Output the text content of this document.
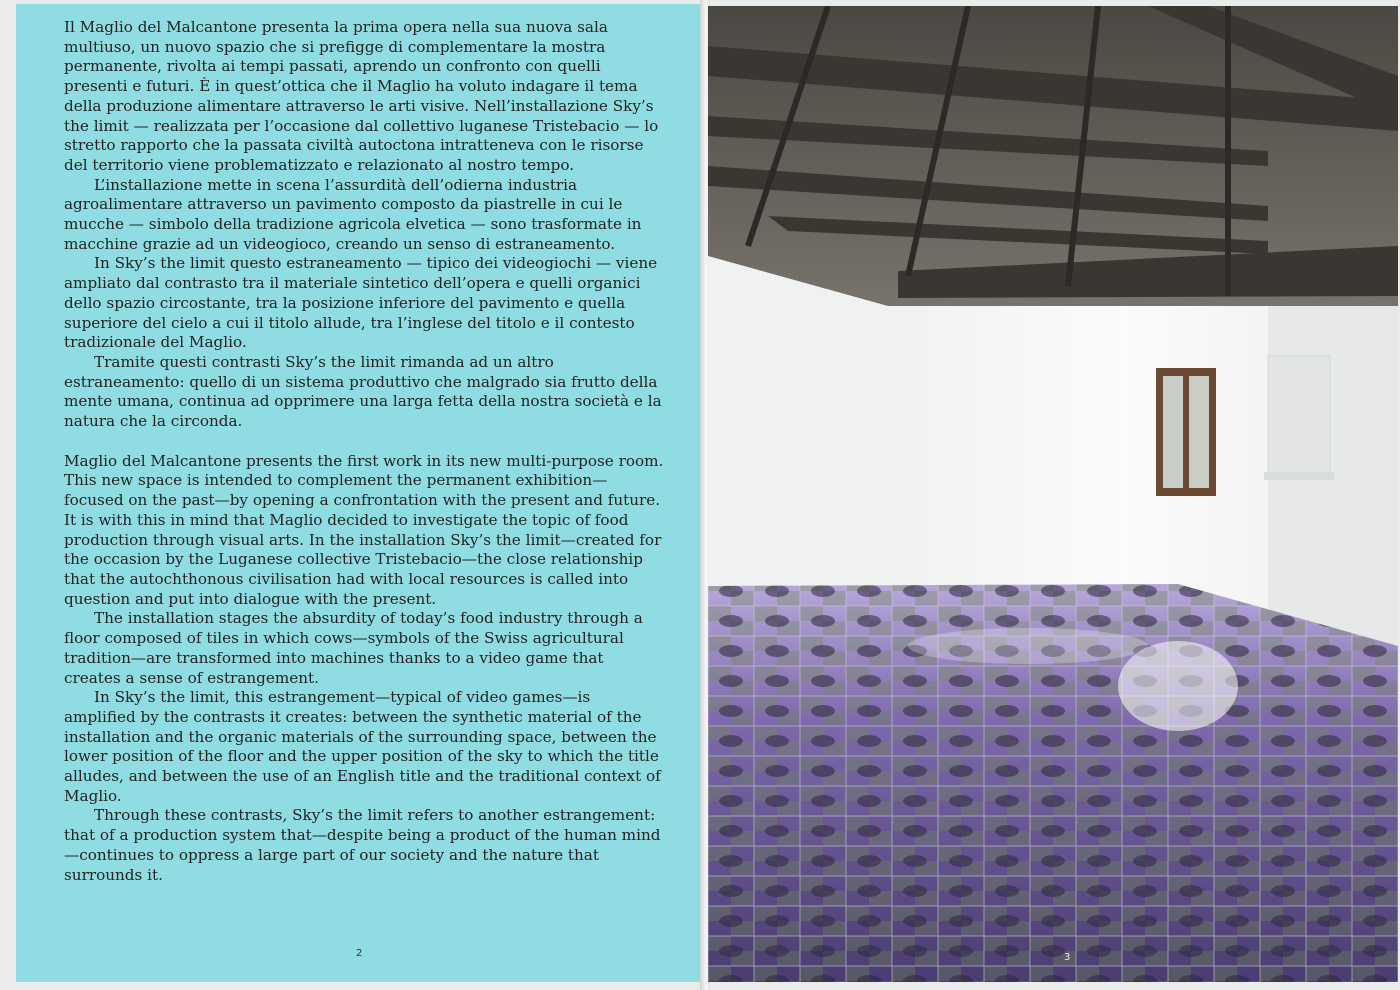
Il Maglio del Malcantone presenta la prima opera nella sua nuova sala multiuso, un nuovo spazio che si prefigge di complementare la mostra permanente, rivolta ai tempi passati, aprendo un confronto con quelli presenti e futuri. È in quest’ottica che il Maglio ha voluto indagare il tema della produzione alimentare attraverso le arti visive. Nell’installazione Sky’s the limit — realizzata per l’occasione dal collettivo luganese Tristebacio — lo stretto rapporto che la passata civiltà autoctona intratteneva con le risorse del territorio viene problematizzato e relazionato al nostro tempo.

L’installazione mette in scena l’assurdità dell’odierna industria agroalimentare attraverso un pavimento composto da piastrelle in cui le mucche — simbolo della tradizione agricola elvetica — sono trasformate in macchine grazie ad un videogioco, creando un senso di estraneamento.

In Sky’s the limit questo estraneamento — tipico dei videogiochi — viene ampliato dal contrasto tra il materiale sintetico dell’opera e quelli organici dello spazio circostante, tra la posizione inferiore del pavimento e quella superiore del cielo a cui il titolo allude, tra l’inglese del titolo e il contesto tradizionale del Maglio.

Tramite questi contrasti Sky’s the limit rimanda ad un altro estraneamento: quello di un sistema produttivo che malgrado sia frutto della mente umana, continua ad opprimere una larga fetta della nostra società e la natura che la circonda.

Maglio del Malcantone presents the first work in its new multi-purpose room. This new space is intended to complement the permanent exhibition—focused on the past—by opening a confrontation with the present and future. It is with this in mind that Maglio decided to investigate the topic of food production through visual arts. In the installation Sky’s the limit—created for the occasion by the Luganese collective Tristebacio—the close relationship that the autochthonous civilisation had with local resources is called into question and put into dialogue with the present.

The installation stages the absurdity of today’s food industry through a floor composed of tiles in which cows—symbols of the Swiss agricultural tradition—are transformed into machines thanks to a video game that creates a sense of estrangement.

In Sky’s the limit, this estrangement—typical of video games—is amplified by the contrasts it creates: between the synthetic material of the installation and the organic materials of the surrounding space, between the lower position of the floor and the upper position of the sky to which the title alludes, and between the use of an English title and the traditional context of Maglio.

Through these contrasts, Sky’s the limit refers to another estrangement: that of a production system that—despite being a product of the human mind—continues to oppress a large part of our society and the nature that surrounds it.

2	3
